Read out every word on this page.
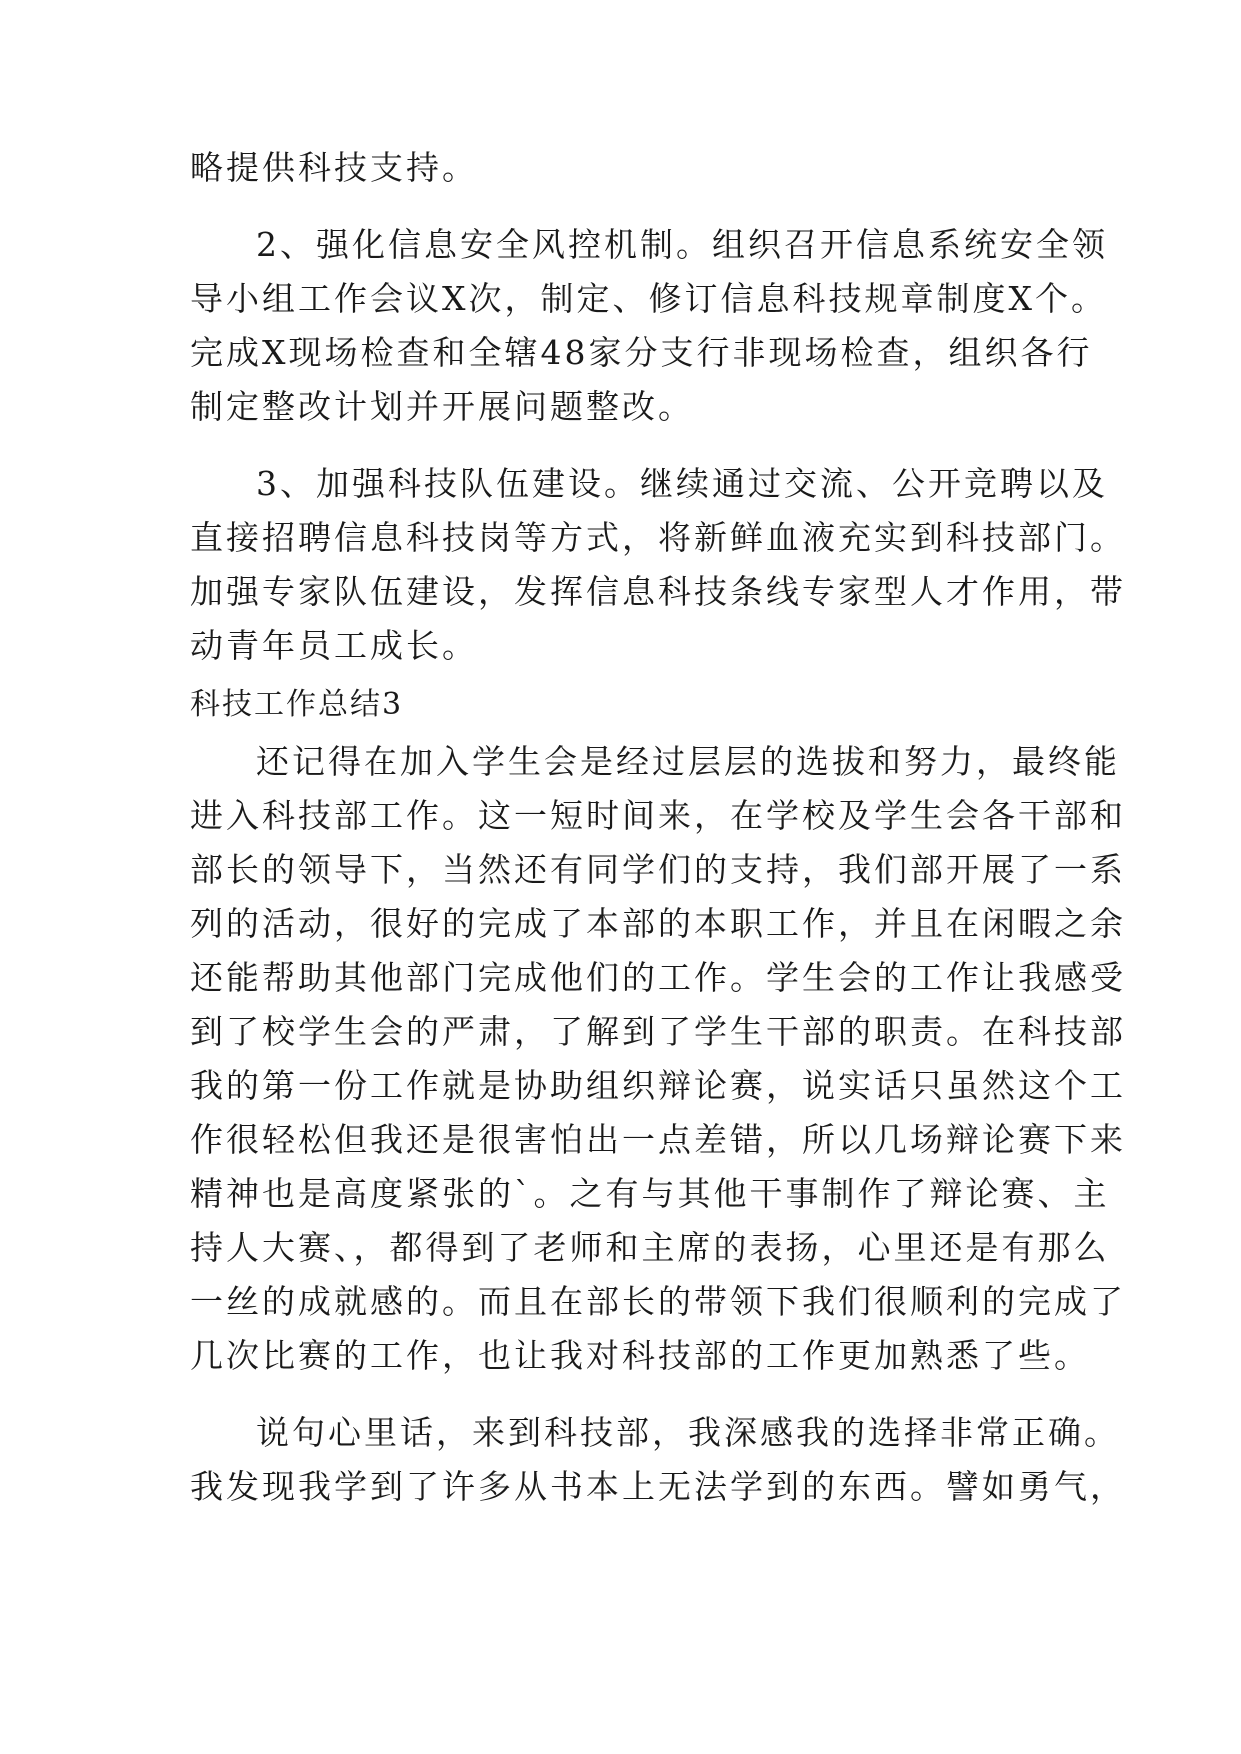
略提供科技支持。
2、强化信息安全风控机制。组织召开信息系统安全领
导小组工作会议X次，制定、修订信息科技规章制度X个。
完成X现场检查和全辖48家分支行非现场检查，组织各行
制定整改计划并开展问题整改。
3、加强科技队伍建设。继续通过交流、公开竞聘以及
直接招聘信息科技岗等方式，将新鲜血液充实到科技部门。
加强专家队伍建设，发挥信息科技条线专家型人才作用，带
动青年员工成长。
科技工作总结3
还记得在加入学生会是经过层层的选拔和努力，最终能
进入科技部工作。这一短时间来，在学校及学生会各干部和
部长的领导下，当然还有同学们的支持，我们部开展了一系
列的活动，很好的完成了本部的本职工作，并且在闲暇之余
还能帮助其他部门完成他们的工作。学生会的工作让我感受
到了校学生会的严肃，了解到了学生干部的职责。在科技部
我的第一份工作就是协助组织辩论赛，说实话只虽然这个工
作很轻松但我还是很害怕出一点差错，所以几场辩论赛下来
精神也是高度紧张的`。之有与其他干事制作了辩论赛、主
持人大赛、，都得到了老师和主席的表扬，心里还是有那么
一丝的成就感的。而且在部长的带领下我们很顺利的完成了
几次比赛的工作，也让我对科技部的工作更加熟悉了些。
说句心里话，来到科技部，我深感我的选择非常正确。
我发现我学到了许多从书本上无法学到的东西。譬如勇气，
